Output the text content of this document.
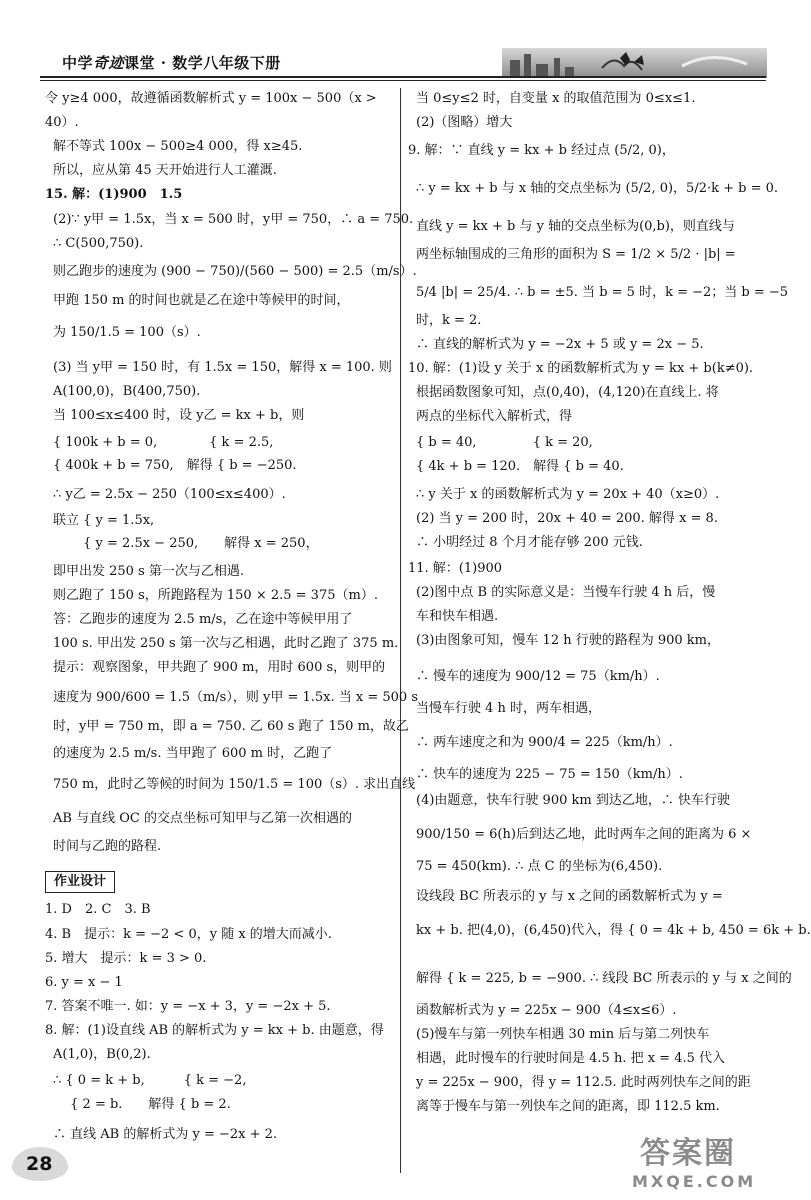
中学奇迹课堂 · 数学八年级下册
令 y≥4 000，故遵循函数解析式 y = 100x − 500（x >
40）.
解不等式 100x − 500≥4 000，得 x≥45.
所以，应从第 45 天开始进行人工灌溉.
15. 解：(1)900　1.5
(2)∵ y甲 = 1.5x，当 x = 500 时，y甲 = 750，∴ a = 750.
∴ C(500,750).
则乙跑步的速度为 (900 − 750)/(560 − 500) = 2.5（m/s）.
甲跑 150 m 的时间也就是乙在途中等候甲的时间，
为 150/1.5 = 100（s）.
(3) 当 y甲 = 150 时，有 1.5x = 150，解得 x = 100. 则
A(100,0)，B(400,750).
当 100≤x≤400 时，设 y乙 = kx + b，则
{ 100k + b = 0,　　　　{ k = 2.5,
{ 400k + b = 750,　解得 { b = −250.
∴ y乙 = 2.5x − 250（100≤x≤400）.
联立 { y = 1.5x,
　　 { y = 2.5x − 250,　　解得 x = 250，
即甲出发 250 s 第一次与乙相遇.
则乙跑了 150 s，所跑路程为 150 × 2.5 = 375（m）.
答：乙跑步的速度为 2.5 m/s，乙在途中等候甲用了
100 s. 甲出发 250 s 第一次与乙相遇，此时乙跑了 375 m.
提示：观察图象，甲共跑了 900 m，用时 600 s，则甲的
速度为 900/600 = 1.5（m/s），则 y甲 = 1.5x. 当 x = 500 s
时，y甲 = 750 m，即 a = 750. 乙 60 s 跑了 150 m，故乙
的速度为 2.5 m/s. 当甲跑了 600 m 时，乙跑了
750 m，此时乙等候的时间为 150/1.5 = 100（s）. 求出直线
AB 与直线 OC 的交点坐标可知甲与乙第一次相遇的
时间与乙跑的路程.
作业设计
1. D　2. C　3. B
4. B　提示：k = −2 < 0，y 随 x 的增大而减小.
5. 增大　提示：k = 3 > 0.
6. y = x − 1
7. 答案不唯一. 如：y = −x + 3，y = −2x + 5.
8. 解：(1)设直线 AB 的解析式为 y = kx + b. 由题意，得
A(1,0)，B(0,2).
∴ { 0 = k + b,　　　{ k = −2,
　 { 2 = b.　　解得 { b = 2.
∴ 直线 AB 的解析式为 y = −2x + 2.
当 0≤y≤2 时，自变量 x 的取值范围为 0≤x≤1.
(2)（图略）增大
9. 解：∵ 直线 y = kx + b 经过点 (5/2, 0)，
∴ y = kx + b 与 x 轴的交点坐标为 (5/2, 0)，5/2·k + b = 0.
直线 y = kx + b 与 y 轴的交点坐标为(0,b)，则直线与
两坐标轴围成的三角形的面积为 S = 1/2 × 5/2 · |b| =
5/4 |b| = 25/4. ∴ b = ±5. 当 b = 5 时，k = −2；当 b = −5
时，k = 2.
∴ 直线的解析式为 y = −2x + 5 或 y = 2x − 5.
10. 解：(1)设 y 关于 x 的函数解析式为 y = kx + b(k≠0).
根据函数图象可知，点(0,40)，(4,120)在直线上. 将
两点的坐标代入解析式，得
{ b = 40,　　　　 { k = 20,
{ 4k + b = 120.　解得 { b = 40.
∴ y 关于 x 的函数解析式为 y = 20x + 40（x≥0）.
(2) 当 y = 200 时，20x + 40 = 200. 解得 x = 8.
∴ 小明经过 8 个月才能存够 200 元钱.
11. 解：(1)900
(2)图中点 B 的实际意义是：当慢车行驶 4 h 后，慢
车和快车相遇.
(3)由图象可知，慢车 12 h 行驶的路程为 900 km，
∴ 慢车的速度为 900/12 = 75（km/h）.
当慢车行驶 4 h 时，两车相遇，
∴ 两车速度之和为 900/4 = 225（km/h）.
∴ 快车的速度为 225 − 75 = 150（km/h）.
(4)由题意，快车行驶 900 km 到达乙地，∴ 快车行驶
900/150 = 6(h)后到达乙地，此时两车之间的距离为 6 ×
75 = 450(km). ∴ 点 C 的坐标为(6,450).
设线段 BC 所表示的 y 与 x 之间的函数解析式为 y =
kx + b. 把(4,0)，(6,450)代入，得 { 0 = 4k + b, 450 = 6k + b.
解得 { k = 225, b = −900. ∴ 线段 BC 所表示的 y 与 x 之间的
函数解析式为 y = 225x − 900（4≤x≤6）.
(5)慢车与第一列快车相遇 30 min 后与第二列快车
相遇，此时慢车的行驶时间是 4.5 h. 把 x = 4.5 代入
y = 225x − 900，得 y = 112.5. 此时两列快车之间的距
离等于慢车与第一列快车之间的距离，即 112.5 km.
28	答案圈
MXQE.COM
